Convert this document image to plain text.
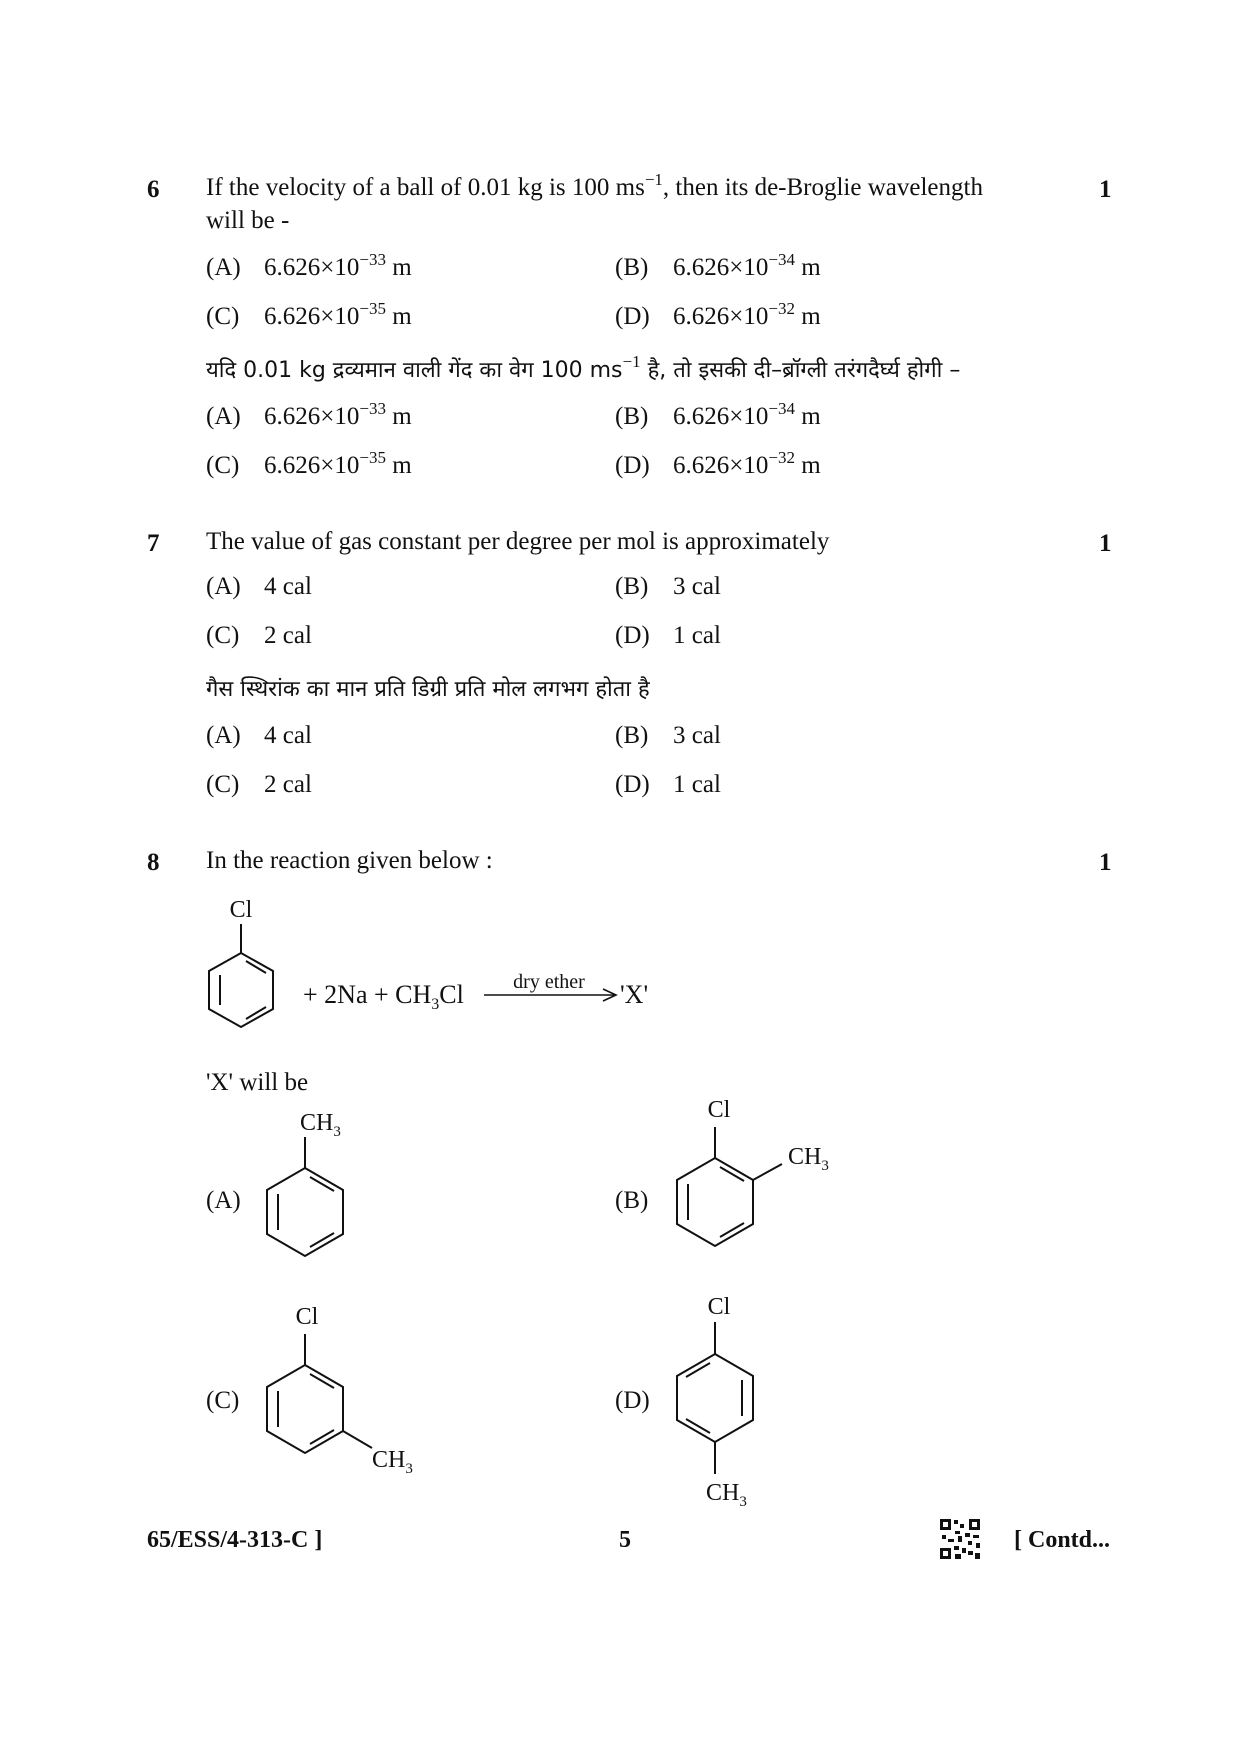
6 If the velocity of a ball of 0.01 kg is 100 $ms^{-1}$, then its de-Broglie wavelength	1
will be -
(A) $6.626\times 10^{-33}$ m	(B) $6.626\times 10^{-34}$ m
(C) $6.626\times 10^{-35}$ m	(D) $6.626\times 10^{-32}$ m
यदि 0.01 kg द्रव्यमान वाली गेंद का वेग 100 $ms^{-1}$ है, तो इसकी दी–ब्रॉग्ली तरंगदैर्घ्य होगी –
(A) $6.626\times 10^{-33}$ m	(B) $6.626\times 10^{-34}$ m
(C) $6.626\times 10^{-35}$ m	(D) $6.626\times 10^{-32}$ m
7 The value of gas constant per degree per mol is approximately	1
(A) 4 cal	(B) 3 cal
(C) 2 cal	(D) 1 cal
गैस स्थिरांक का मान प्रति डिग्री प्रति मोल लगभग होता है
(A) 4 cal	(B) 3 cal
(C) 2 cal	(D) 1 cal
8 In the reaction given below :	1
Cl
+ $2Na + CH_3Cl$ dry ether 'X'
'X' will be
(A)
$CH_3$
(B)
Cl
$CH_3$
(C)
Cl
$CH_3$
(D)
Cl
$CH_3$
65/ESS/4-313-C ]	5	[ Contd...
